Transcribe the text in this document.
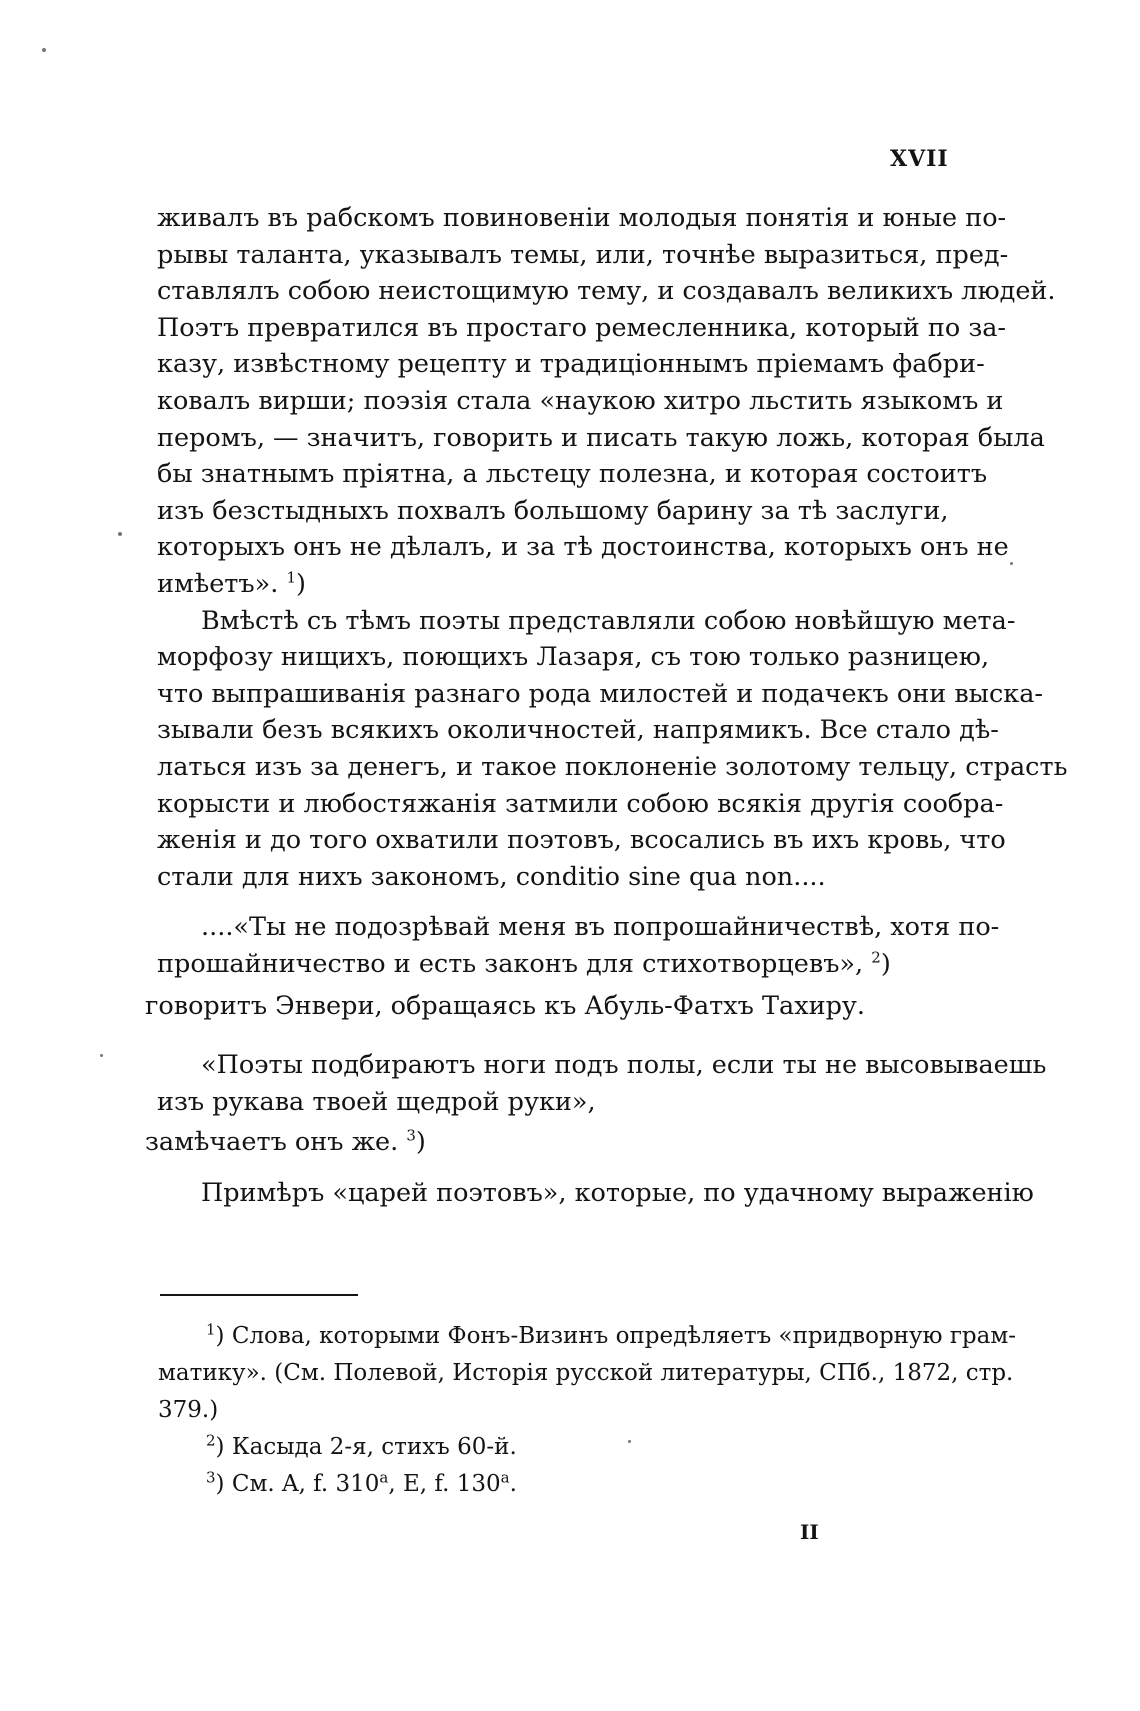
XVII
живалъ въ рабскомъ повиновеніи молодыя понятія и юные по-
рывы таланта, указывалъ темы, или, точнѣе выразиться, пред-
ставлялъ собою неистощимую тему, и создавалъ великихъ людей.
Поэтъ превратился въ простаго ремесленника, который по за-
казу, извѣстному рецепту и традиціоннымъ пріемамъ фабри-
ковалъ вирши; поэзія стала «наукою хитро льстить языкомъ и
перомъ, — значитъ, говорить и писать такую ложь, которая была
бы знатнымъ пріятна, а льстецу полезна, и которая состоитъ
изъ безстыдныхъ похвалъ большому барину за тѣ заслуги,
которыхъ онъ не дѣлалъ, и за тѣ достоинства, которыхъ онъ не
имѣетъ». $^1$)
Вмѣстѣ съ тѣмъ поэты представляли собою новѣйшую мета-
морфозу нищихъ, поющихъ Лазаря, съ тою только разницею,
что выпрашиванія разнаго рода милостей и подачекъ они выска-
зывали безъ всякихъ околичностей, напрямикъ. Все стало дѣ-
латься изъ за денегъ, и такое поклоненіе золотому тельцу, страсть
корысти и любостяжанія затмили собою всякія другія сообра-
женія и до того охватили поэтовъ, всосались въ ихъ кровь, что
стали для нихъ закономъ, conditio sine qua non....
....«Ты не подозрѣвай меня въ попрошайничествѣ, хотя по-
прошайничество и есть законъ для стихотворцевъ», $^2$)
говоритъ Энвери, обращаясь къ Абуль-Фатхъ Тахиру.
«Поэты подбираютъ ноги подъ полы, если ты не высовываешь
изъ рукава твоей щедрой руки»,
замѣчаетъ онъ же. $^3$)
Примѣръ «царей поэтовъ», которые, по удачному выраженію
$^1$) Слова, которыми Фонъ-Визинъ опредѣляетъ «придворную грам-
матику». (См. Полевой, Исторія русской литературы, СПб., 1872, стр.
379.)
$^2$) Касыда 2-я, стихъ 60-й.
$^3$) См. A, f. 310$^a$, E, f. 130$^a$.
II
